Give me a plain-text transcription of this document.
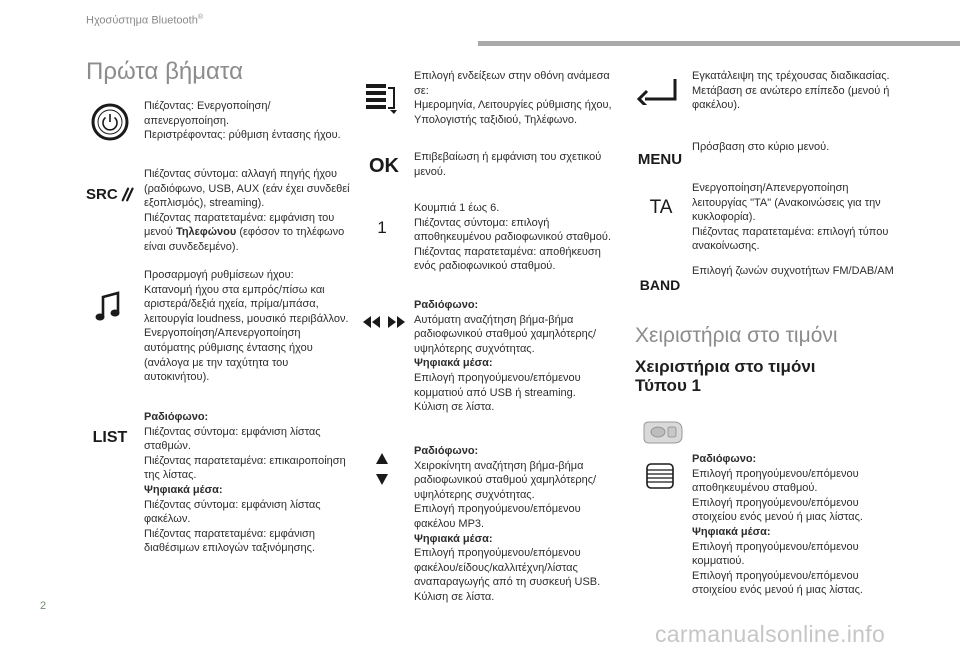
Ηχοσύστημα Bluetooth®
Πρώτα βήματα
Πιέζοντας: Ενεργοποίηση/
απενεργοποίηση.
Περιστρέφοντας: ρύθμιση έντασης ήχου.
SRC
Πιέζοντας σύντομα: αλλαγή πηγής ήχου
(ραδιόφωνο, USB, AUX (εάν έχει συνδεθεί
εξοπλισμός), streaming).
Πιέζοντας παρατεταμένα: εμφάνιση του
μενού Τηλεφώνου (εφόσον το τηλέφωνο
είναι συνδεδεμένο).
Προσαρμογή ρυθμίσεων ήχου:
Κατανομή ήχου στα εμπρός/πίσω και
αριστερά/δεξιά ηχεία, πρίμα/μπάσα,
λειτουργία loudness, μουσικό περιβάλλον.
Ενεργοποίηση/Απενεργοποίηση
αυτόματης ρύθμισης έντασης ήχου
(ανάλογα με την ταχύτητα του
αυτοκινήτου).
LIST
Ραδιόφωνο:
Πιέζοντας σύντομα: εμφάνιση λίστας
σταθμών.
Πιέζοντας παρατεταμένα: επικαιροποίηση
της λίστας.
Ψηφιακά μέσα:
Πιέζοντας σύντομα: εμφάνιση λίστας
φακέλων.
Πιέζοντας παρατεταμένα: εμφάνιση
διαθέσιμων επιλογών ταξινόμησης.
Επιλογή ενδείξεων στην οθόνη ανάμεσα
σε:
Ημερομηνία, Λειτουργίες ρύθμισης ήχου,
Υπολογιστής ταξιδιού, Τηλέφωνο.
OK Επιβεβαίωση ή εμφάνιση του σχετικού
μενού.
1
Κουμπιά 1 έως 6.
Πιέζοντας σύντομα: επιλογή
αποθηκευμένου ραδιοφωνικού σταθμού.
Πιέζοντας παρατεταμένα: αποθήκευση
ενός ραδιοφωνικού σταθμού.
Ραδιόφωνο:
Αυτόματη αναζήτηση βήμα-βήμα
ραδιοφωνικού σταθμού χαμηλότερης/
υψηλότερης συχνότητας.
Ψηφιακά μέσα:
Επιλογή προηγούμενου/επόμενου
κομματιού από USB ή streaming.
Κύλιση σε λίστα.
Ραδιόφωνο:
Χειροκίνητη αναζήτηση βήμα-βήμα
ραδιοφωνικού σταθμού χαμηλότερης/
υψηλότερης συχνότητας.
Επιλογή προηγούμενου/επόμενου
φακέλου MP3.
Ψηφιακά μέσα:
Επιλογή προηγούμενου/επόμενου
φακέλου/είδους/καλλιτέχνη/λίστας
αναπαραγωγής από τη συσκευή USB.
Κύλιση σε λίστα.
Εγκατάλειψη της τρέχουσας διαδικασίας.
Μετάβαση σε ανώτερο επίπεδο (μενού ή
φακέλου).
MENU
Πρόσβαση στο κύριο μενού.
TA
Ενεργοποίηση/Απενεργοποίηση
λειτουργίας "TA" (Ανακοινώσεις για την
κυκλοφορία).
Πιέζοντας παρατεταμένα: επιλογή τύπου
ανακοίνωσης.
BAND
Επιλογή ζωνών συχνοτήτων FM/DAB/AM
Χειριστήρια στο τιμόνι
Χειριστήρια στο τιμόνι
Τύπου 1
Ραδιόφωνο:
Επιλογή προηγούμενου/επόμενου
αποθηκευμένου σταθμού.
Επιλογή προηγούμενου/επόμενου
στοιχείου ενός μενού ή μιας λίστας.
Ψηφιακά μέσα:
Επιλογή προηγούμενου/επόμενου
κομματιού.
Επιλογή προηγούμενου/επόμενου
στοιχείου ενός μενού ή μιας λίστας.
2
carmanualsonline.info
